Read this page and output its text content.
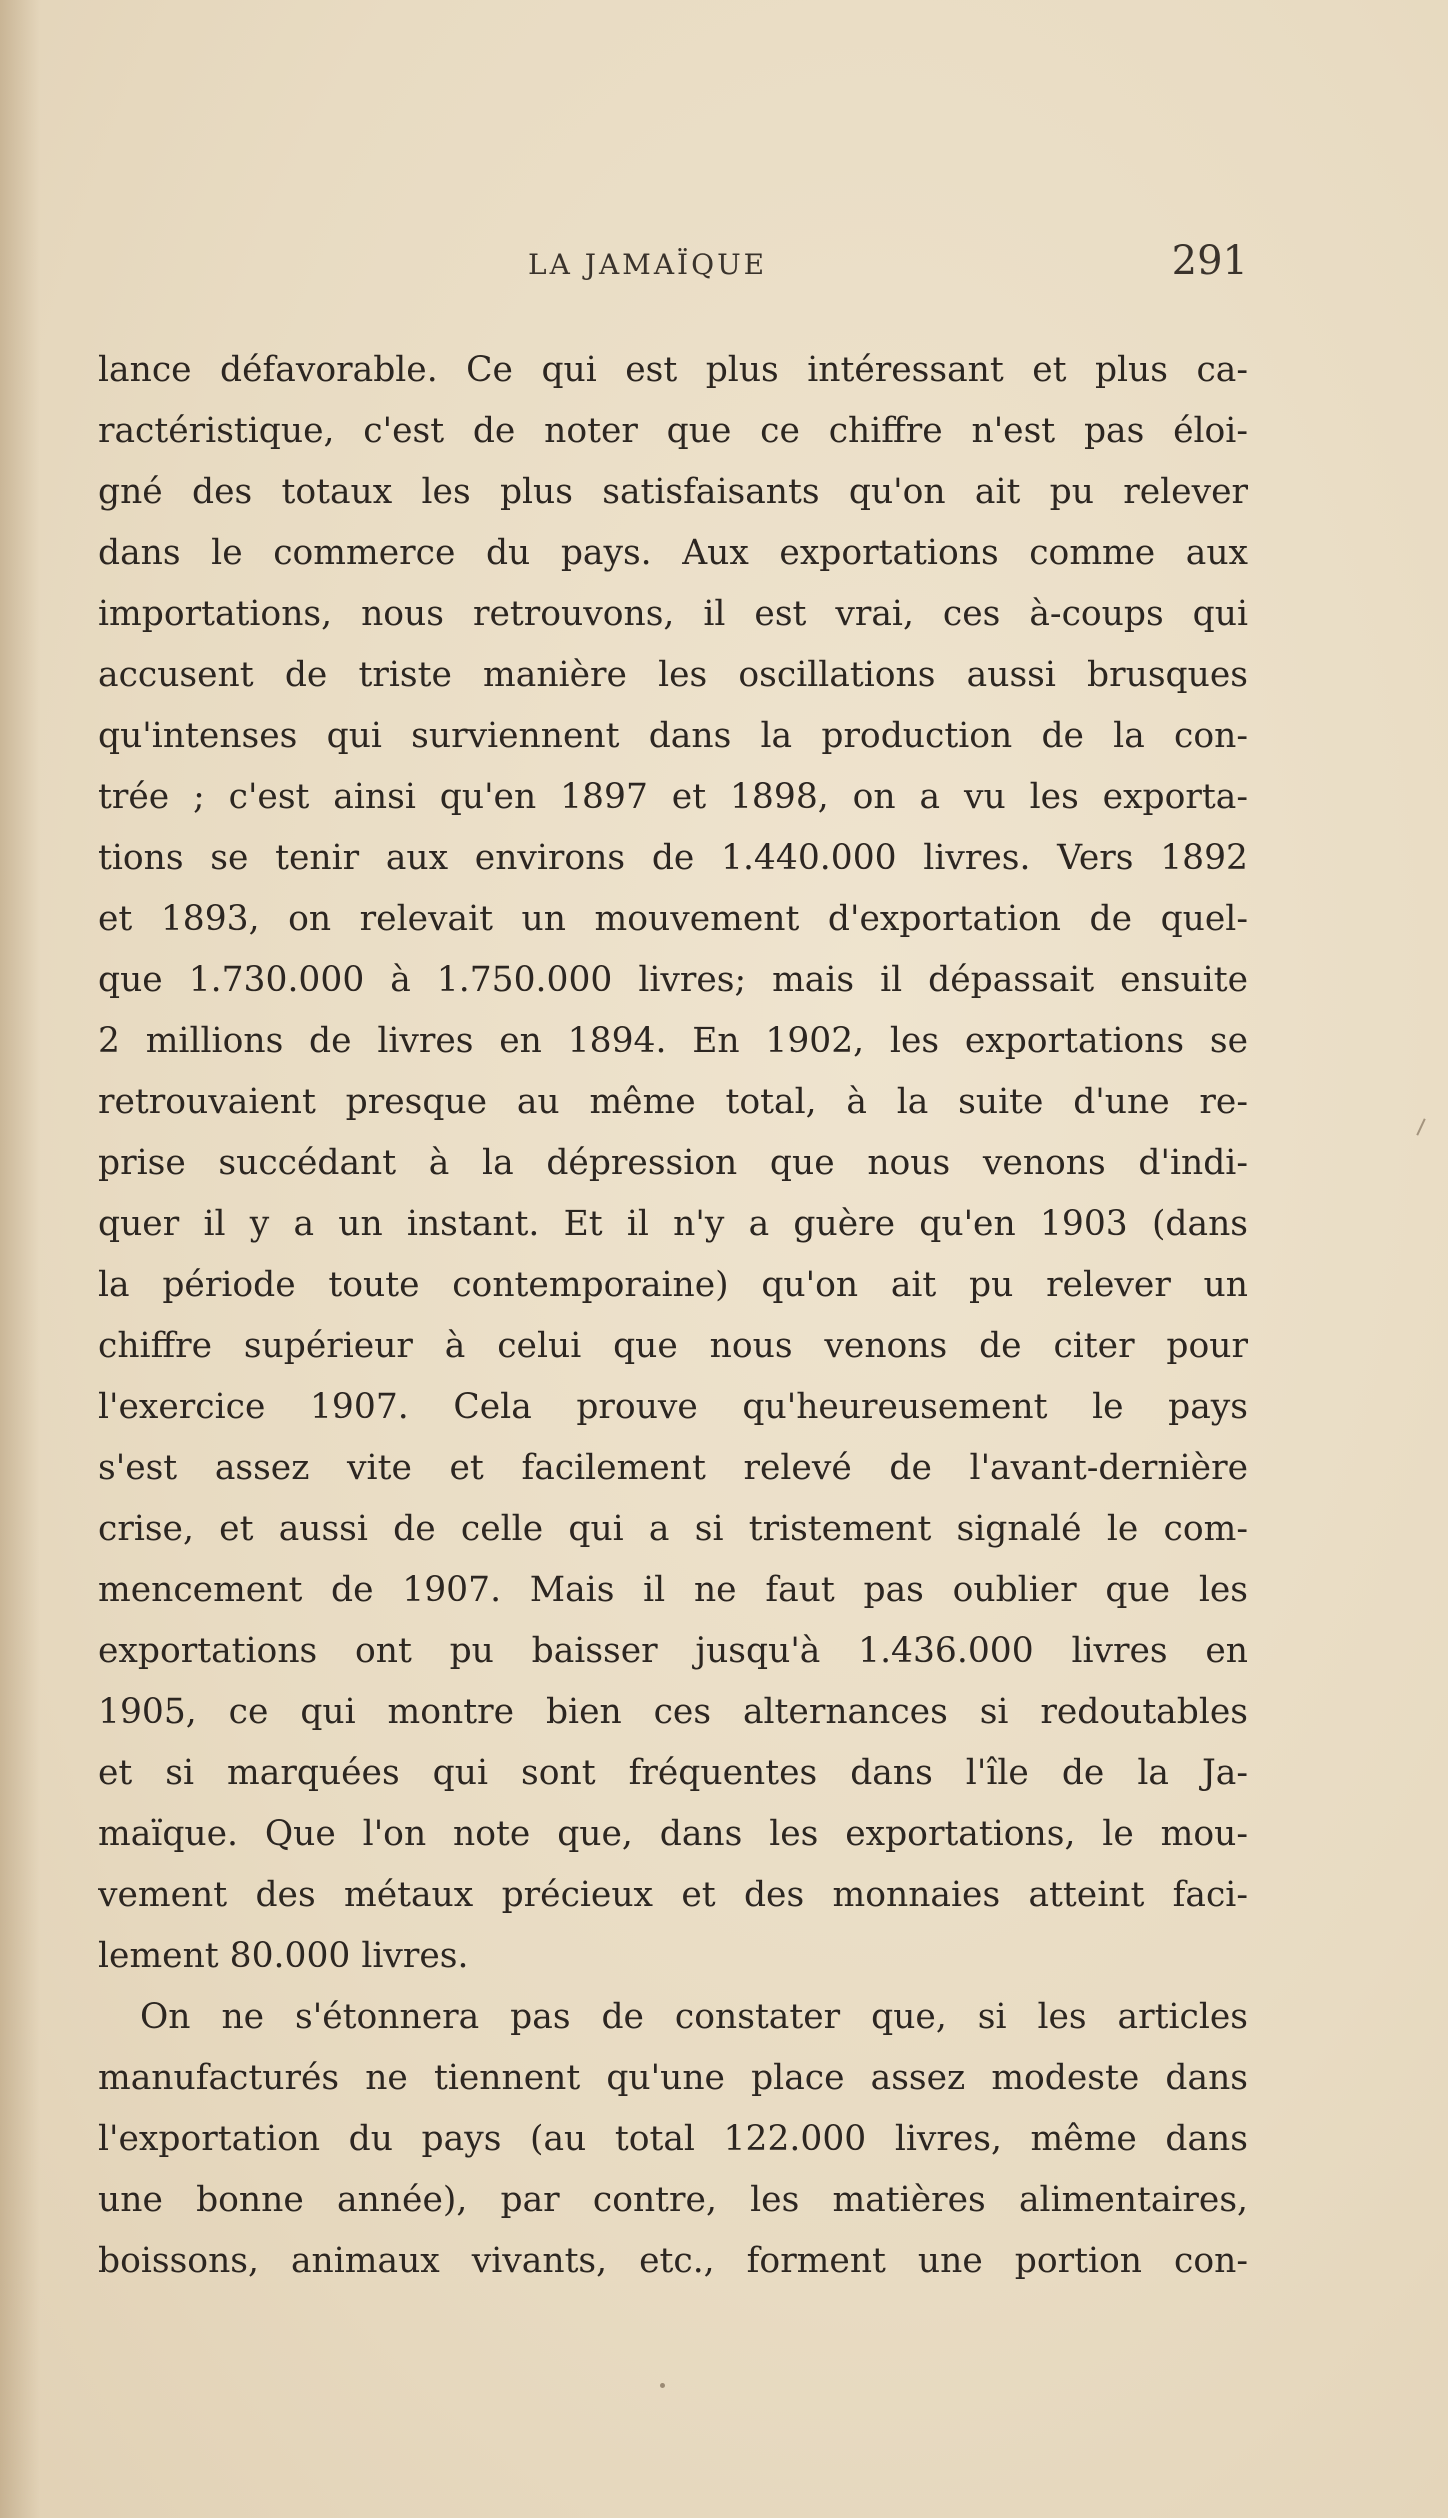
LA JAMAÏQUE	291
lance défavorable. Ce qui est plus intéressant et plus ca-
ractéristique, c'est de noter que ce chiffre n'est pas éloi-
gné des totaux les plus satisfaisants qu'on ait pu relever
dans le commerce du pays. Aux exportations comme aux
importations, nous retrouvons, il est vrai, ces à-coups qui
accusent de triste manière les oscillations aussi brusques
qu'intenses qui surviennent dans la production de la con-
trée ; c'est ainsi qu'en 1897 et 1898, on a vu les exporta-
tions se tenir aux environs de 1.440.000 livres. Vers 1892
et 1893, on relevait un mouvement d'exportation de quel-
que 1.730.000 à 1.750.000 livres; mais il dépassait ensuite
2 millions de livres en 1894. En 1902, les exportations se
retrouvaient presque au même total, à la suite d'une re-
prise succédant à la dépression que nous venons d'indi-
quer il y a un instant. Et il n'y a guère qu'en 1903 (dans
la période toute contemporaine) qu'on ait pu relever un
chiffre supérieur à celui que nous venons de citer pour
l'exercice 1907. Cela prouve qu'heureusement le pays
s'est assez vite et facilement relevé de l'avant-dernière
crise, et aussi de celle qui a si tristement signalé le com-
mencement de 1907. Mais il ne faut pas oublier que les
exportations ont pu baisser jusqu'à 1.436.000 livres en
1905, ce qui montre bien ces alternances si redoutables
et si marquées qui sont fréquentes dans l'île de la Ja-
maïque. Que l'on note que, dans les exportations, le mou-
vement des métaux précieux et des monnaies atteint faci-
lement 80.000 livres.
On ne s'étonnera pas de constater que, si les articles
manufacturés ne tiennent qu'une place assez modeste dans
l'exportation du pays (au total 122.000 livres, même dans
une bonne année), par contre, les matières alimentaires,
boissons, animaux vivants, etc., forment une portion con-
